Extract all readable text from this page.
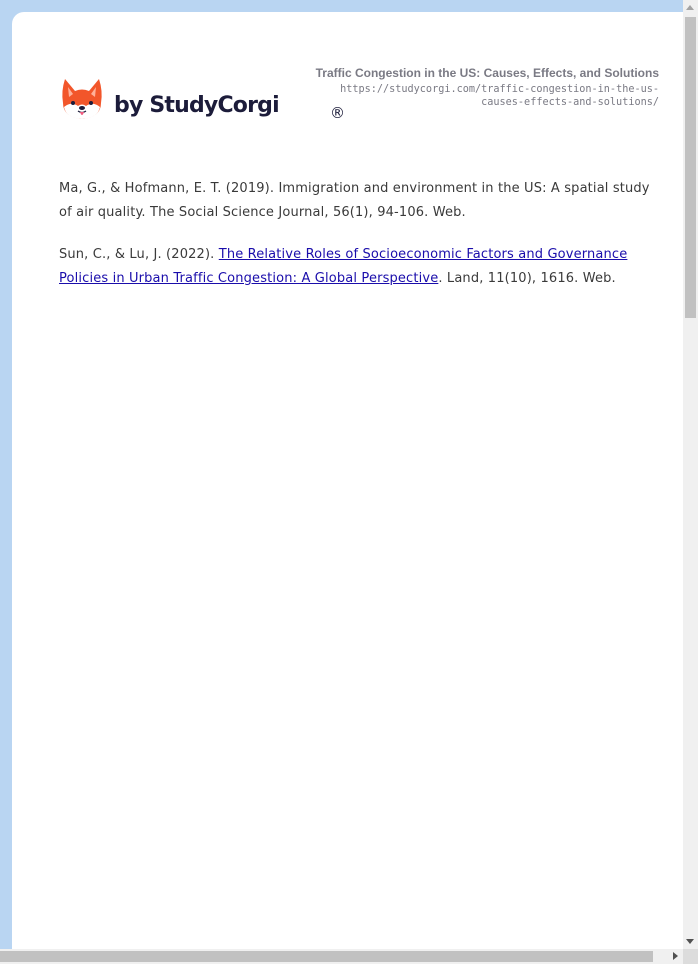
by StudyCorgi	®
Traffic Congestion in the US: Causes, Effects, and Solutions
https://studycorgi.com/traffic-congestion-in-the-us-causes-effects-and-solutions/

Ma, G., & Hofmann, E. T. (2019). Immigration and environment in the US: A spatial study of air quality. The Social Science Journal, 56(1), 94-106. Web.

Sun, C., & Lu, J. (2022). The Relative Roles of Socioeconomic Factors and Governance Policies in Urban Traffic Congestion: A Global Perspective. Land, 11(10), 1616. Web.
